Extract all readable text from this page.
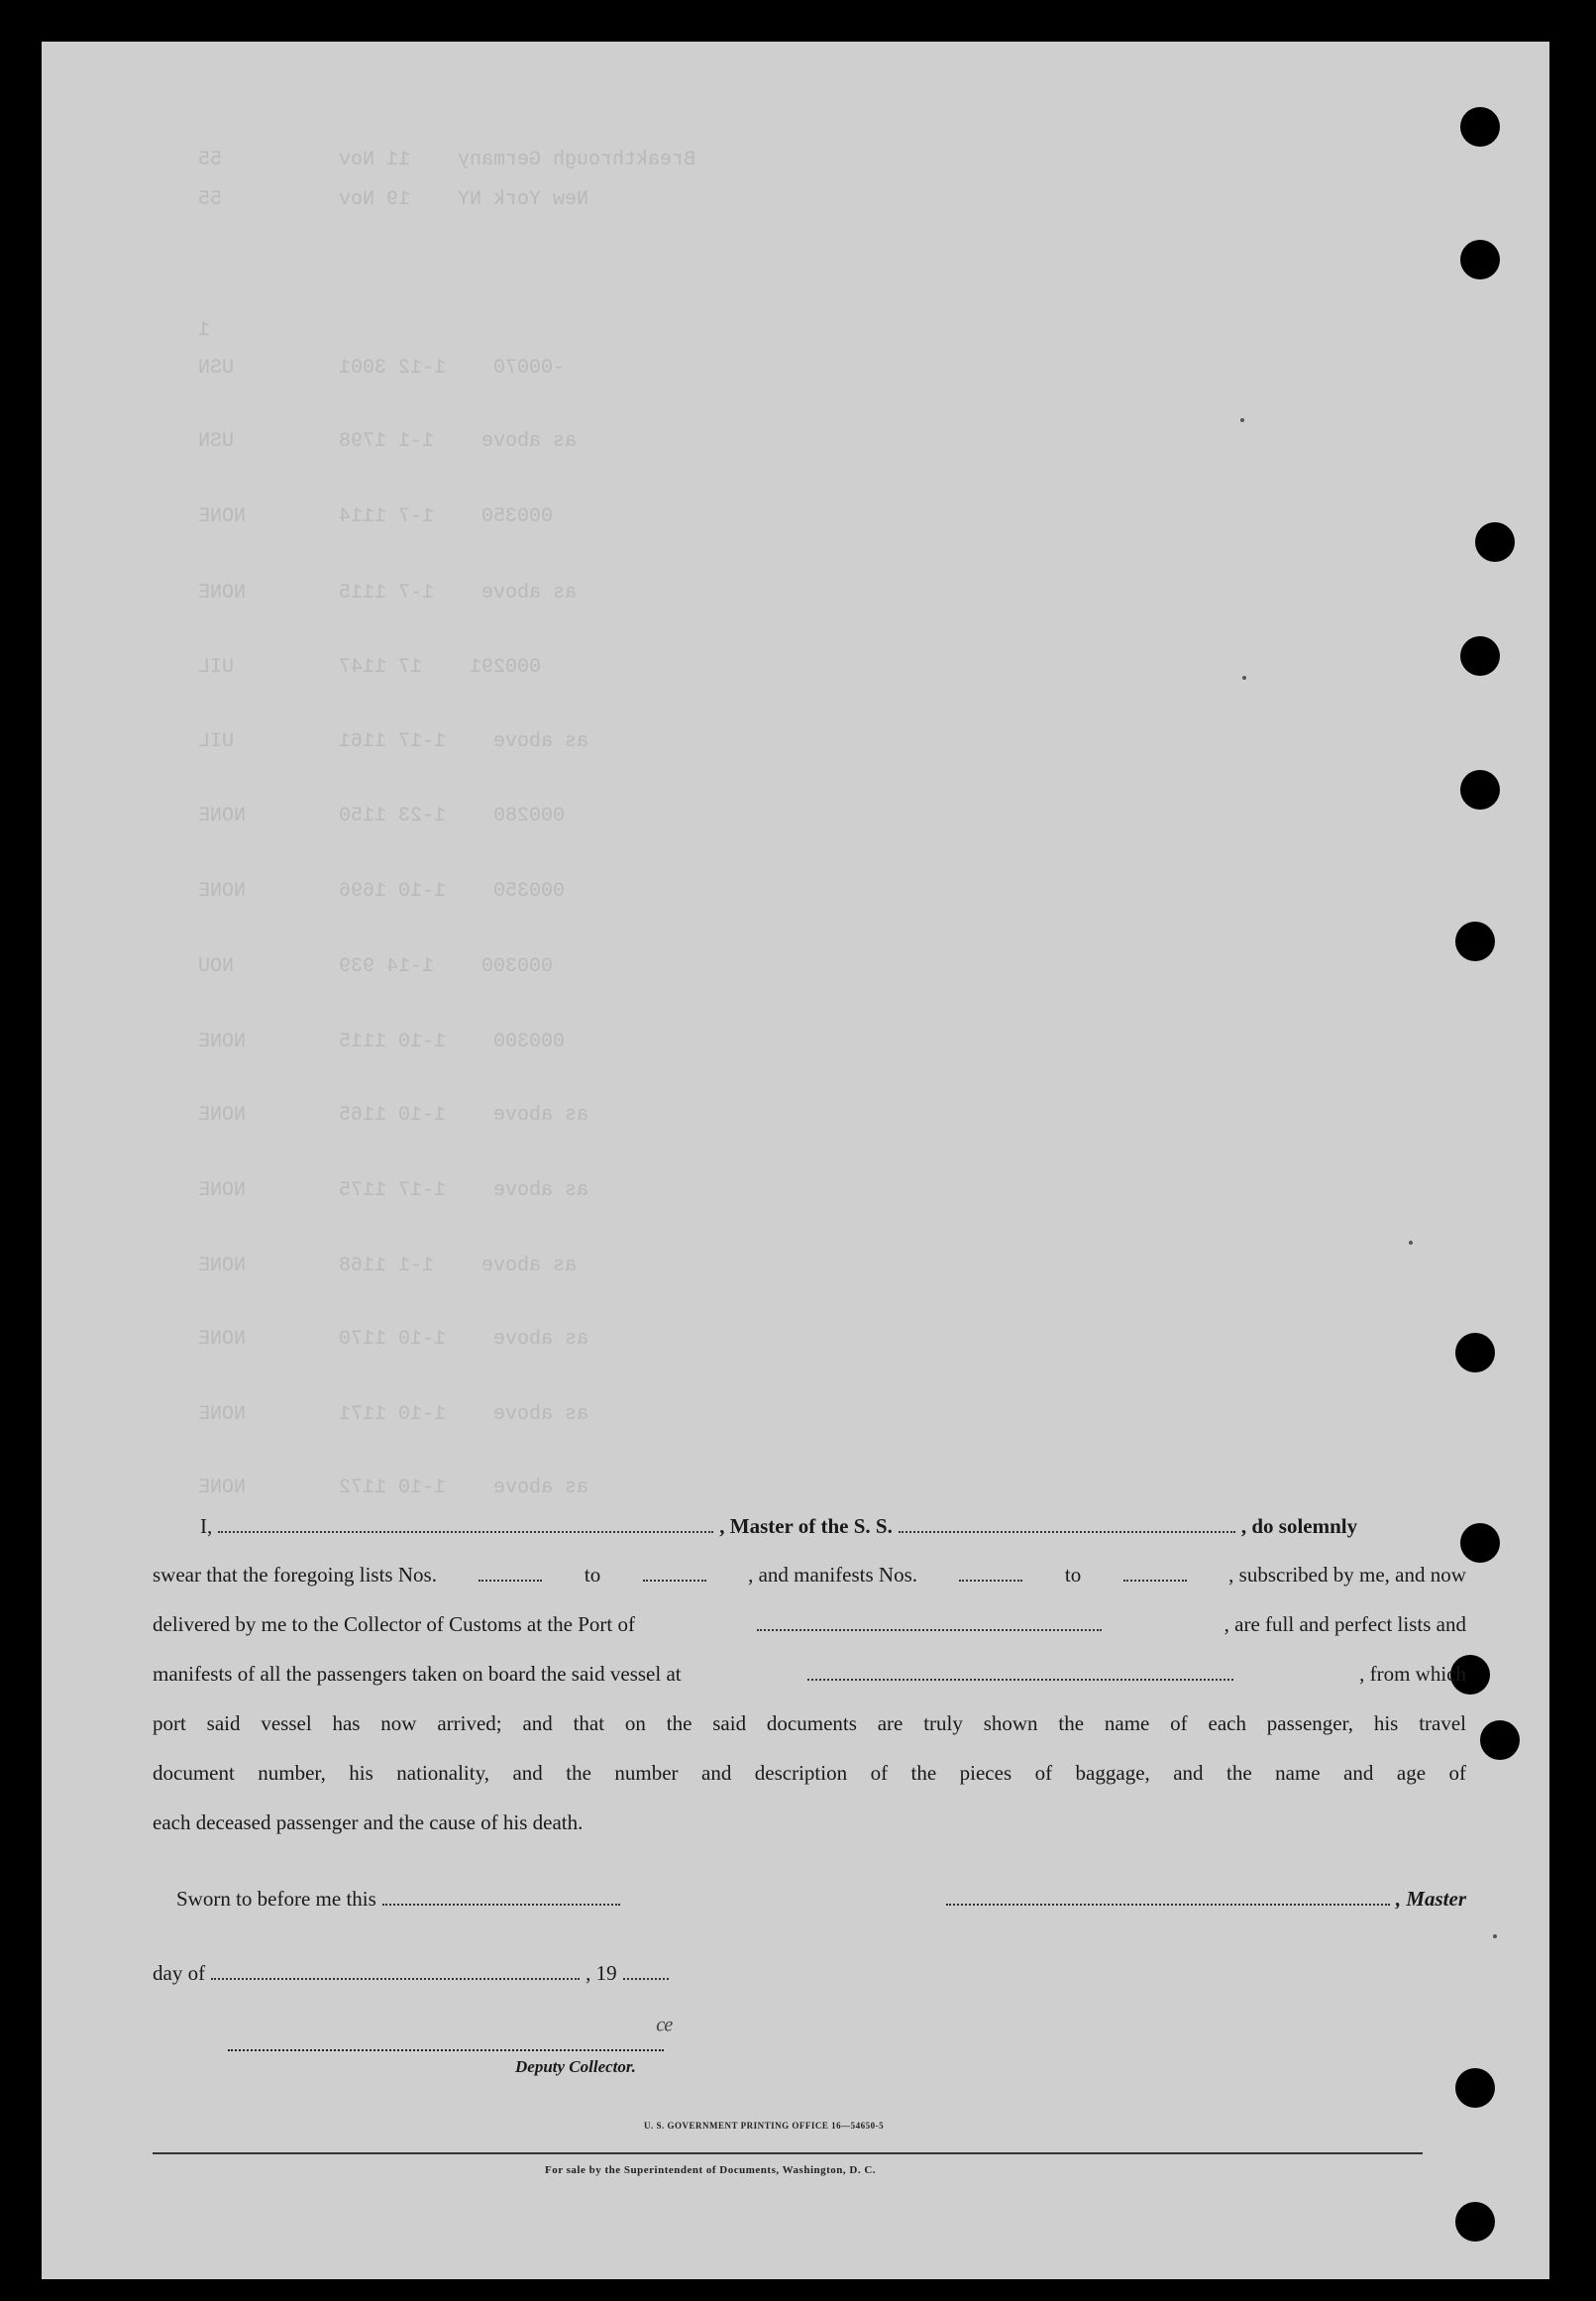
55	Breakthrough Germany    11 Nov
55	New York NY    19 Nov
1
USN	-00070    1-12 3001
USN	as above    1-1 1798
NONE	000350    1-7 1114
NONE	as above    1-7 1115
UIL	000291    17 1147
UIL	as above    1-17 1161
NONE	000280    1-23 1150
NONE	000350    1-10 1696
NOU	000300    1-14 939
NONE	000300    1-10 1115
NONE	as above    1-10 1165
NONE	as above    1-17 1175
NONE	as above    1-1 1168
NONE	as above    1-10 1170
NONE	as above    1-10 1171
NONE	as above    1-10 1172
I,	, Master of the S. S.	, do solemnly
swear that the foregoing lists Nos.	to	, and manifests Nos.	to	, subscribed by me, and now
delivered by me to the Collector of Customs at the Port of	, are full and perfect lists and
manifests of all the passengers taken on board the said vessel at	, from which
port said vessel has now arrived; and that on the said documents are truly shown the name of each passenger, his travel
document number, his nationality, and the number and description of the pieces of baggage, and the name and age of
each deceased passenger and the cause of his death.
Sworn to before me this	, Master
day of	, 19
ᶜᵉ
Deputy Collector.
U. S. GOVERNMENT PRINTING OFFICE 16—54650-5
For sale by the Superintendent of Documents, Washington, D. C.
